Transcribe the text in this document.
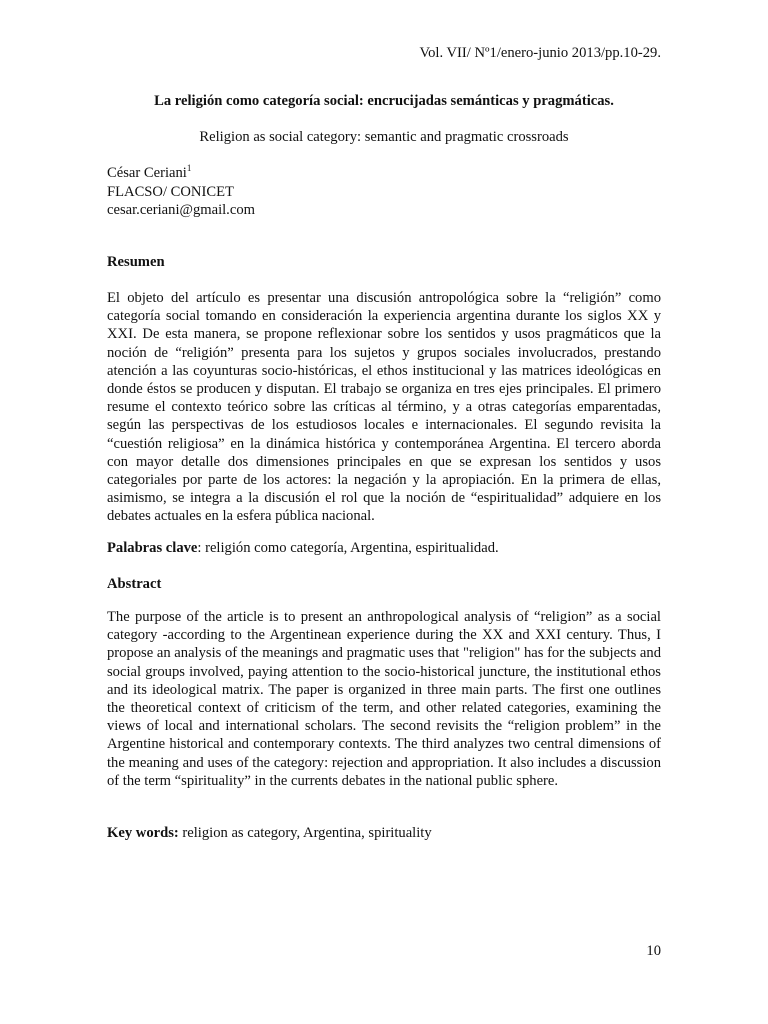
Vol. VII/ Nº1/enero-junio 2013/pp.10-29.
La religión como categoría social: encrucijadas semánticas y pragmáticas.
Religion as social category: semantic and pragmatic crossroads
César Ceriani$^1$
FLACSO/ CONICET
cesar.ceriani@gmail.com
Resumen
El objeto del artículo es presentar una discusión antropológica sobre la “religión” como categoría social tomando en consideración la experiencia argentina durante los siglos XX y XXI. De esta manera, se propone reflexionar sobre los sentidos y usos pragmáticos que la noción de “religión” presenta para los sujetos y grupos sociales involucrados, prestando atención a las coyunturas socio-históricas, el ethos institucional y las matrices ideológicas en donde éstos se producen y disputan. El trabajo se organiza en tres ejes principales. El primero resume el contexto teórico sobre las críticas al término, y a otras categorías emparentadas, según las perspectivas de los estudiosos locales e internacionales. El segundo revisita la “cuestión religiosa” en la dinámica histórica y contemporánea Argentina. El tercero aborda con mayor detalle dos dimensiones principales en que se expresan los sentidos y usos categoriales por parte de los actores: la negación y la apropiación. En la primera de ellas, asimismo, se integra a la discusión el rol que la noción de “espiritualidad” adquiere en los debates actuales en la esfera pública nacional.
Palabras clave: religión como categoría, Argentina, espiritualidad.
Abstract
The purpose of the article is to present an anthropological analysis of “religion” as a social category -according to the Argentinean experience during the XX and XXI century. Thus, I propose an analysis of the meanings and pragmatic uses that "religion" has for the subjects and social groups involved, paying attention to the socio-historical juncture, the institutional ethos and its ideological matrix. The paper is organized in three main parts. The first one outlines the theoretical context of criticism of the term, and other related categories, examining the views of local and international scholars. The second revisits the “religion problem” in the Argentine historical and contemporary contexts. The third analyzes two central dimensions of the meaning and uses of the category: rejection and appropriation. It also includes a discussion of the term “spirituality” in the currents debates in the national public sphere.
Key words: religion as category, Argentina, spirituality
10
